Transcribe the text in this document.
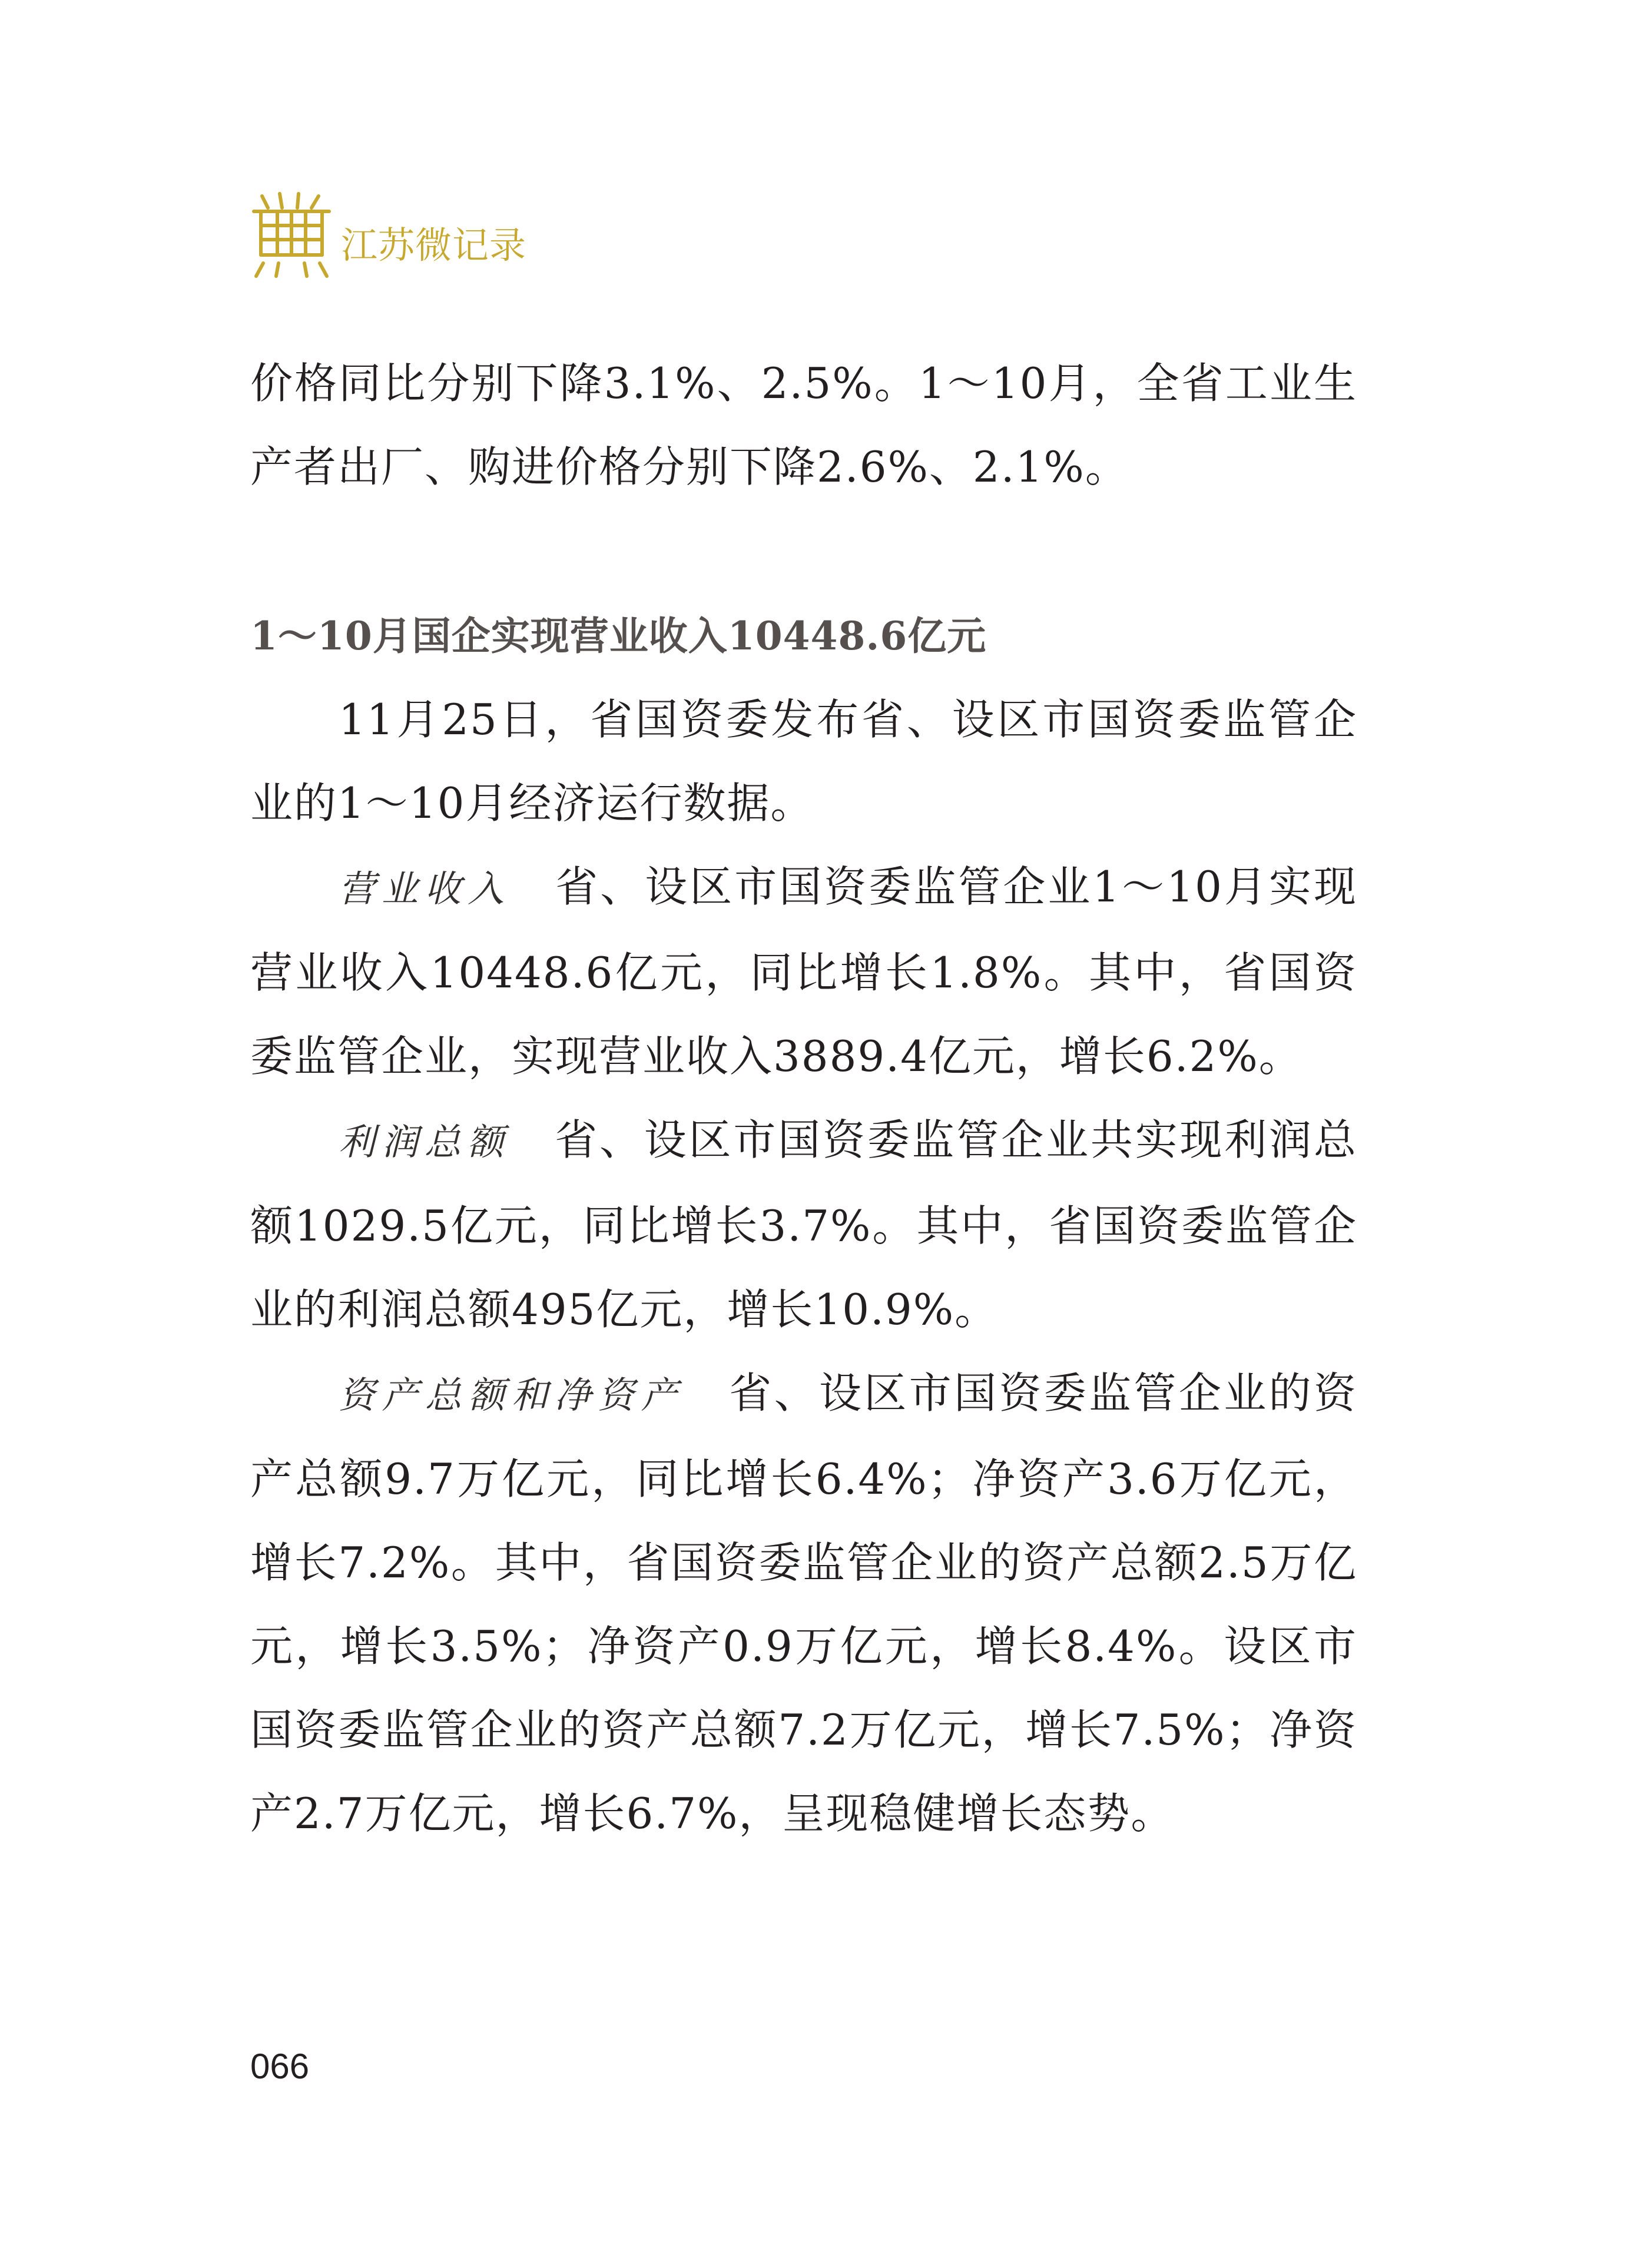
江苏微记录

价格同比分别下降3.1%、2.5%。1～10月，全省工业生产者出厂、购进价格分别下降2.6%、2.1%。

1～10月国企实现营业收入10448.6亿元

11月25日，省国资委发布省、设区市国资委监管企业的1～10月经济运行数据。

营业收入　 省、设区市国资委监管企业1～10月实现营业收入10448.6亿元，同比增长1.8%。其中，省国资委监管企业，实现营业收入3889.4亿元，增长6.2%。

利润总额　 省、设区市国资委监管企业共实现利润总额1029.5亿元，同比增长3.7%。其中，省国资委监管企业的利润总额495亿元，增长10.9%。

资产总额和净资产　 省、设区市国资委监管企业的资产总额9.7万亿元，同比增长6.4%；净资产3.6万亿元，增长7.2%。其中，省国资委监管企业的资产总额2.5万亿元，增长3.5%；净资产0.9万亿元，增长8.4%。设区市国资委监管企业的资产总额7.2万亿元，增长7.5%；净资产2.7万亿元，增长6.7%，呈现稳健增长态势。

066
